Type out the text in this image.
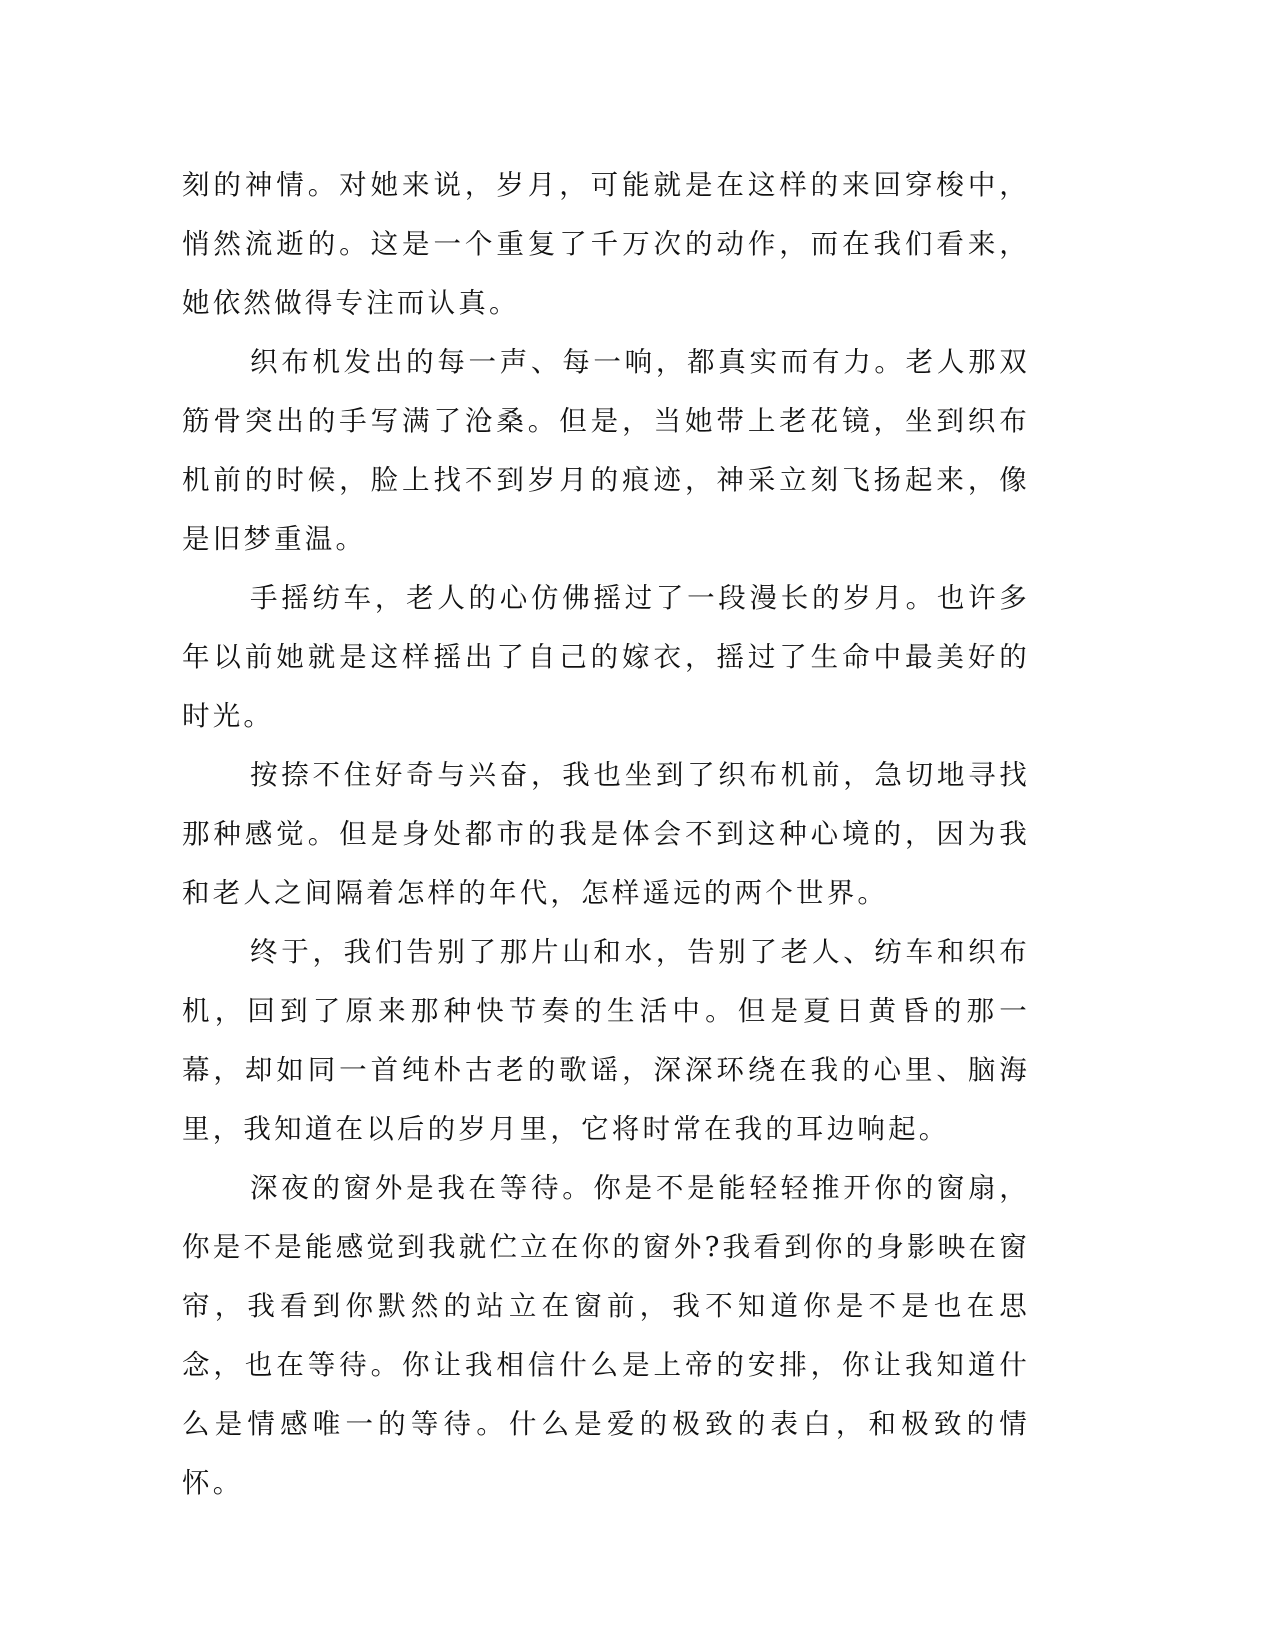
刻的神情。对她来说，岁月，可能就是在这样的来回穿梭中，悄然流逝的。这是一个重复了千万次的动作，而在我们看来，她依然做得专注而认真。

织布机发出的每一声、每一响，都真实而有力。老人那双筋骨突出的手写满了沧桑。但是，当她带上老花镜，坐到织布机前的时候，脸上找不到岁月的痕迹，神采立刻飞扬起来，像是旧梦重温。

手摇纺车，老人的心仿佛摇过了一段漫长的岁月。也许多年以前她就是这样摇出了自己的嫁衣，摇过了生命中最美好的时光。

按捺不住好奇与兴奋，我也坐到了织布机前，急切地寻找那种感觉。但是身处都市的我是体会不到这种心境的，因为我和老人之间隔着怎样的年代，怎样遥远的两个世界。

终于，我们告别了那片山和水，告别了老人、纺车和织布机，回到了原来那种快节奏的生活中。但是夏日黄昏的那一幕，却如同一首纯朴古老的歌谣，深深环绕在我的心里、脑海里，我知道在以后的岁月里，它将时常在我的耳边响起。

深夜的窗外是我在等待。你是不是能轻轻推开你的窗扇，你是不是能感觉到我就伫立在你的窗外?我看到你的身影映在窗帘，我看到你默然的站立在窗前，我不知道你是不是也在思念，也在等待。你让我相信什么是上帝的安排，你让我知道什么是情感唯一的等待。什么是爱的极致的表白，和极致的情怀。
